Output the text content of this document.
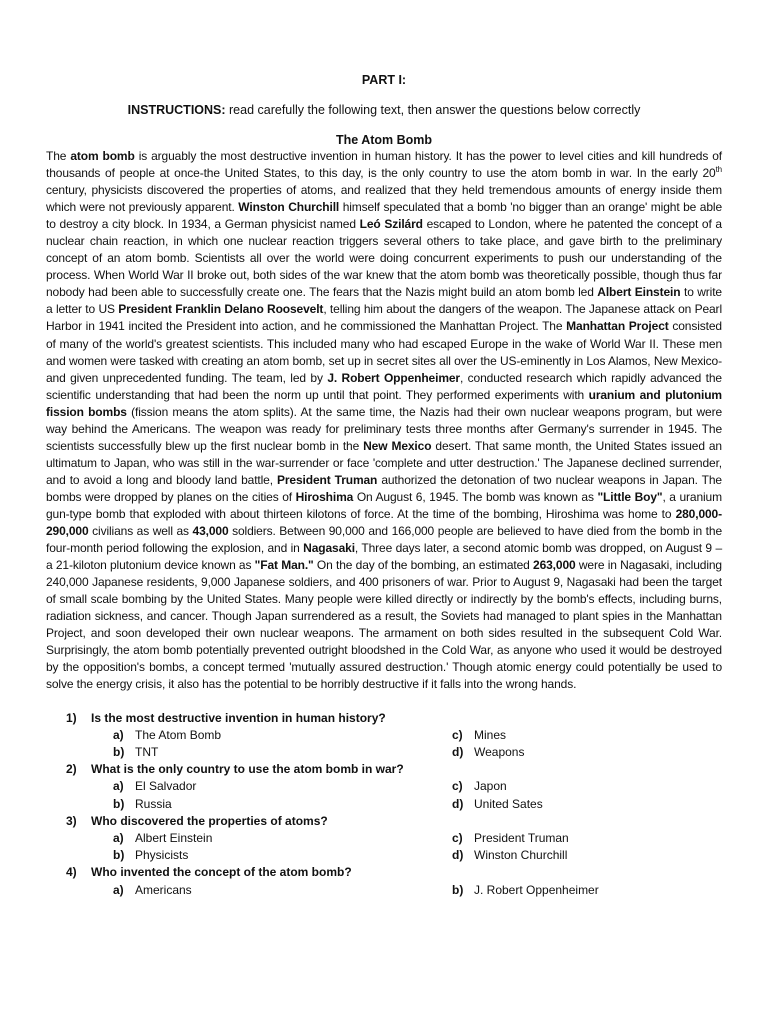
PART I:

INSTRUCTIONS: read carefully the following text, then answer the questions below correctly

The Atom Bomb

The atom bomb is arguably the most destructive invention in human history. It has the power to level cities and kill hundreds of thousands of people at once-the United States, to this day, is the only country to use the atom bomb in war. In the early 20th century, physicists discovered the properties of atoms, and realized that they held tremendous amounts of energy inside them which were not previously apparent. Winston Churchill himself speculated that a bomb 'no bigger than an orange' might be able to destroy a city block. In 1934, a German physicist named Leó Szilárd escaped to London, where he patented the concept of a nuclear chain reaction, in which one nuclear reaction triggers several others to take place, and gave birth to the preliminary concept of an atom bomb. Scientists all over the world were doing concurrent experiments to push our understanding of the process. When World War II broke out, both sides of the war knew that the atom bomb was theoretically possible, though thus far nobody had been able to successfully create one. The fears that the Nazis might build an atom bomb led Albert Einstein to write a letter to US President Franklin Delano Roosevelt, telling him about the dangers of the weapon. The Japanese attack on Pearl Harbor in 1941 incited the President into action, and he commissioned the Manhattan Project. The Manhattan Project consisted of many of the world's greatest scientists. This included many who had escaped Europe in the wake of World War II. These men and women were tasked with creating an atom bomb, set up in secret sites all over the US-eminently in Los Alamos, New Mexico-and given unprecedented funding. The team, led by J. Robert Oppenheimer, conducted research which rapidly advanced the scientific understanding that had been the norm up until that point. They performed experiments with uranium and plutonium fission bombs (fission means the atom splits). At the same time, the Nazis had their own nuclear weapons program, but were way behind the Americans. The weapon was ready for preliminary tests three months after Germany's surrender in 1945. The scientists successfully blew up the first nuclear bomb in the New Mexico desert. That same month, the United States issued an ultimatum to Japan, who was still in the war-surrender or face 'complete and utter destruction.' The Japanese declined surrender, and to avoid a long and bloody land battle, President Truman authorized the detonation of two nuclear weapons in Japan. The bombs were dropped by planes on the cities of Hiroshima On August 6, 1945. The bomb was known as "Little Boy", a uranium gun-type bomb that exploded with about thirteen kilotons of force. At the time of the bombing, Hiroshima was home to 280,000-290,000 civilians as well as 43,000 soldiers. Between 90,000 and 166,000 people are believed to have died from the bomb in the four-month period following the explosion, and in Nagasaki, Three days later, a second atomic bomb was dropped, on August 9 – a 21-kiloton plutonium device known as "Fat Man." On the day of the bombing, an estimated 263,000 were in Nagasaki, including 240,000 Japanese residents, 9,000 Japanese soldiers, and 400 prisoners of war. Prior to August 9, Nagasaki had been the target of small scale bombing by the United States. Many people were killed directly or indirectly by the bomb's effects, including burns, radiation sickness, and cancer. Though Japan surrendered as a result, the Soviets had managed to plant spies in the Manhattan Project, and soon developed their own nuclear weapons. The armament on both sides resulted in the subsequent Cold War. Surprisingly, the atom bomb potentially prevented outright bloodshed in the Cold War, as anyone who used it would be destroyed by the opposition's bombs, a concept termed 'mutually assured destruction.' Though atomic energy could potentially be used to solve the energy crisis, it also has the potential to be horribly destructive if it falls into the wrong hands.

1)	Is the most destructive invention in human history?
a) The Atom Bomb	c) Mines
b) TNT	d) Weapons
2)	What is the only country to use the atom bomb in war?
a) El Salvador	c) Japon
b) Russia	d) United Sates
3)	Who discovered the properties of atoms?
a) Albert Einstein	c) President Truman
b) Physicists	d) Winston Churchill
4)	Who invented the concept of the atom bomb?
a) Americans	b) J. Robert Oppenheimer
